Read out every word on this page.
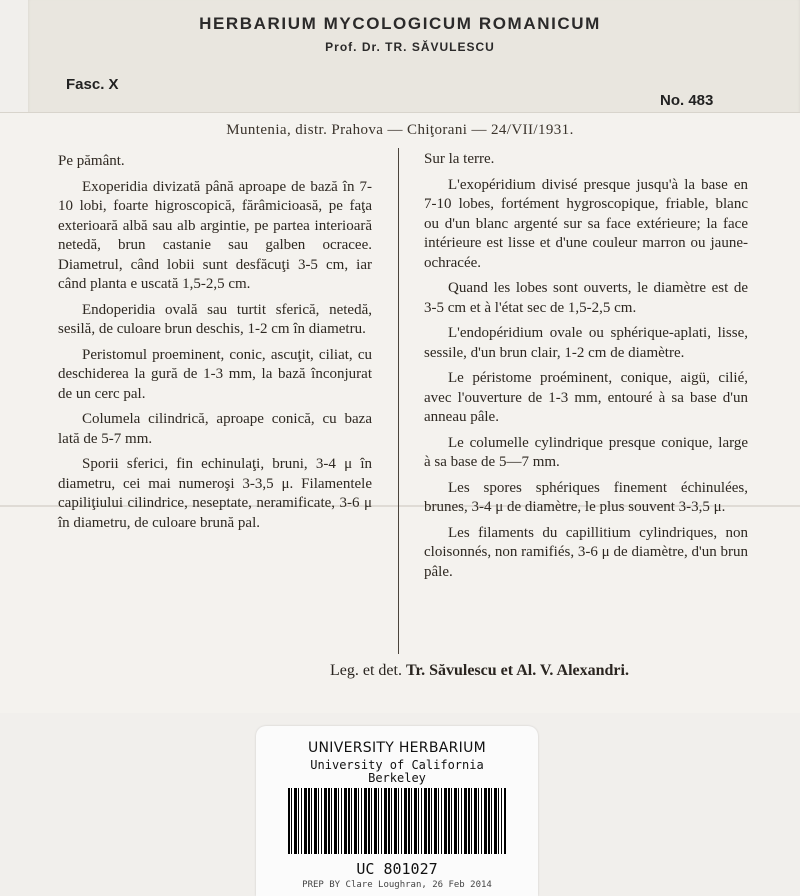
HERBARIUM MYCOLOGICUM ROMANICUM
Prof. Dr. TR. SĂVULESCU
Fasc. X
No. 483
Muntenia, distr. Prahova — Chiţorani — 24/VII/1931.

Pe pământ.

Exoperidia divizată până aproape de bază în 7-10 lobi, foarte higroscopică, fărâmicioasă, pe faţa exterioară albă sau alb argintie, pe partea interioară netedă, brun castanie sau galben ocracee. Diametrul, când lobii sunt desfăcuţi 3-5 cm, iar când planta e uscată 1,5-2,5 cm.

Endoperidia ovală sau turtit sferică, netedă, sesilă, de culoare brun deschis, 1-2 cm în diametru.

Peristomul proeminent, conic, ascuţit, ciliat, cu deschiderea la gură de 1-3 mm, la bază înconjurat de un cerc pal.

Columela cilindrică, aproape conică, cu baza lată de 5-7 mm.

Sporii sferici, fin echinulaţi, bruni, 3-4 μ în diametru, cei mai numeroşi 3-3,5 μ. Filamentele capiliţiului cilindrice, neseptate, neramificate, 3-6 μ în diametru, de culoare brună pal.

Sur la terre.

L'exopéridium divisé presque jusqu'à la base en 7-10 lobes, fortément hygroscopique, friable, blanc ou d'un blanc argenté sur sa face extérieure; la face intérieure est lisse et d'une couleur marron ou jaune-ochracée.

Quand les lobes sont ouverts, le diamètre est de 3-5 cm et à l'état sec de 1,5-2,5 cm.

L'endopéridium ovale ou sphérique-aplati, lisse, sessile, d'un brun clair, 1-2 cm de diamètre.

Le péristome proéminent, conique, aigü, cilié, avec l'ouverture de 1-3 mm, entouré à sa base d'un anneau pâle.

Le columelle cylindrique presque conique, large à sa base de 5—7 mm.

Les spores sphériques finement échinulées, brunes, 3-4 μ de diamètre, le plus souvent 3-3,5 μ.

Les filaments du capillitium cylindriques, non cloisonnés, non ramifiés, 3-6 μ de diamètre, d'un brun pâle.

Leg. et det. Tr. Săvulescu et Al. V. Alexandri.
UNIVERSITY HERBARIUM
University of California
Berkeley
UC 801027
PREP BY Clare Loughran, 26 Feb 2014
